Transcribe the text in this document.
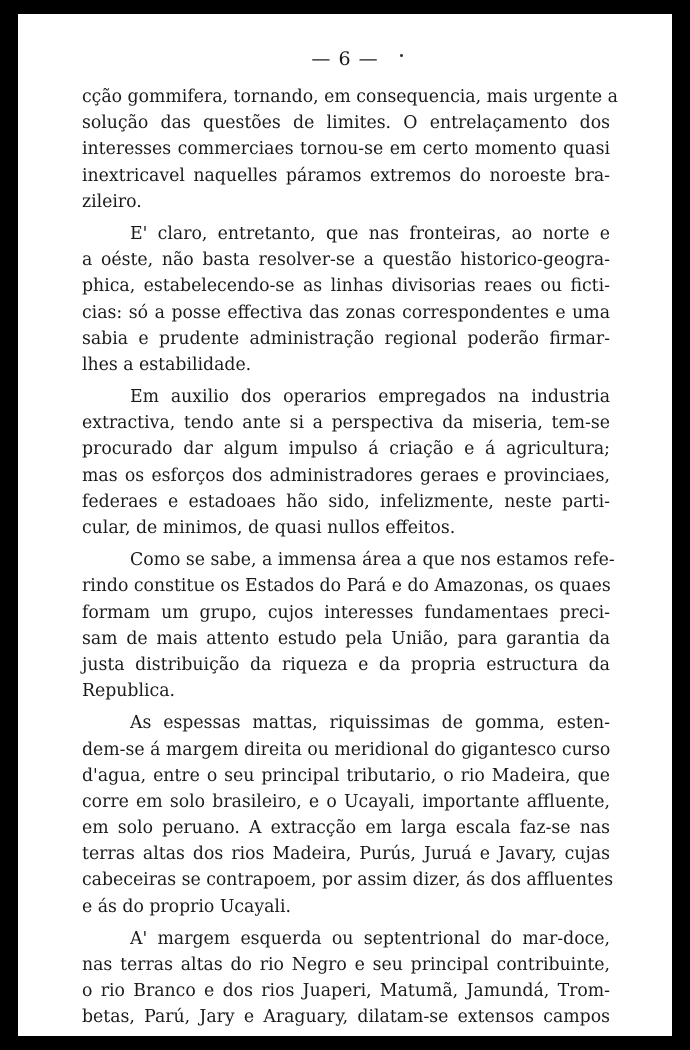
— 6 —
cção gommifera, tornando, em consequencia, mais urgente a
solução das questões de limites. O entrelaçamento dos
interesses commerciaes tornou-se em certo momento quasi
inextricavel naquelles páramos extremos do noroeste bra-
zileiro.
E' claro, entretanto, que nas fronteiras, ao norte e
a oéste, não basta resolver-se a questão historico-geogra-
phica, estabelecendo-se as linhas divisorias reaes ou ficti-
cias: só a posse effectiva das zonas correspondentes e uma
sabia e prudente administração regional poderão firmar-
lhes a estabilidade.
Em auxilio dos operarios empregados na industria
extractiva, tendo ante si a perspectiva da miseria, tem-se
procurado dar algum impulso á criação e á agricultura;
mas os esforços dos administradores geraes e provinciaes,
federaes e estadoaes hão sido, infelizmente, neste parti-
cular, de minimos, de quasi nullos effeitos.
Como se sabe, a immensa área a que nos estamos refe-
rindo constitue os Estados do Pará e do Amazonas, os quaes
formam um grupo, cujos interesses fundamentaes preci-
sam de mais attento estudo pela União, para garantia da
justa distribuição da riqueza e da propria estructura da
Republica.
As espessas mattas, riquissimas de gomma, esten-
dem-se á margem direita ou meridional do gigantesco curso
d'agua, entre o seu principal tributario, o rio Madeira, que
corre em solo brasileiro, e o Ucayali, importante affluente,
em solo peruano. A extracção em larga escala faz-se nas
terras altas dos rios Madeira, Purús, Juruá e Javary, cujas
cabeceiras se contrapoem, por assim dizer, ás dos affluentes
e ás do proprio Ucayali.
A' margem esquerda ou septentrional do mar-doce,
nas terras altas do rio Negro e seu principal contribuinte,
o rio Branco e dos rios Juaperi, Matumã, Jamundá, Trom-
betas, Parú, Jary e Araguary, dilatam-se extensos campos
